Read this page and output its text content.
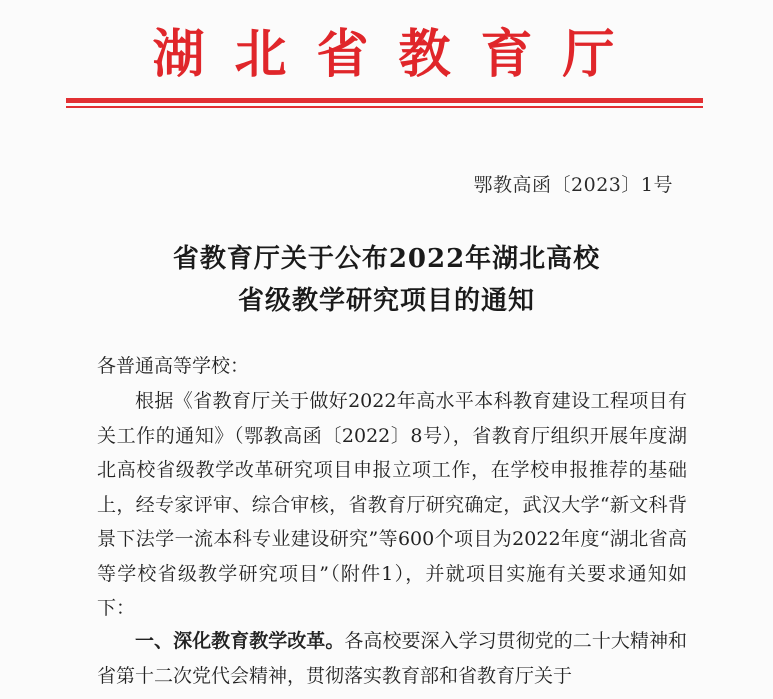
湖北省教育厅
鄂教高函〔2023〕1号
省教育厅关于公布2022年湖北高校
省级教学研究项目的通知
各普通高等学校：
根据《省教育厅关于做好2022年高水平本科教育建设工程项目有关工作的通知》（鄂教高函〔2022〕8号），省教育厅组织开展年度湖北高校省级教学改革研究项目申报立项工作，在学校申报推荐的基础上，经专家评审、综合审核，省教育厅研究确定，武汉大学“新文科背景下法学一流本科专业建设研究”等600个项目为2022年度“湖北省高等学校省级教学研究项目”（附件1），并就项目实施有关要求通知如下：
一、深化教育教学改革。各高校要深入学习贯彻党的二十大精神和省第十二次党代会精神，贯彻落实教育部和省教育厅关于
